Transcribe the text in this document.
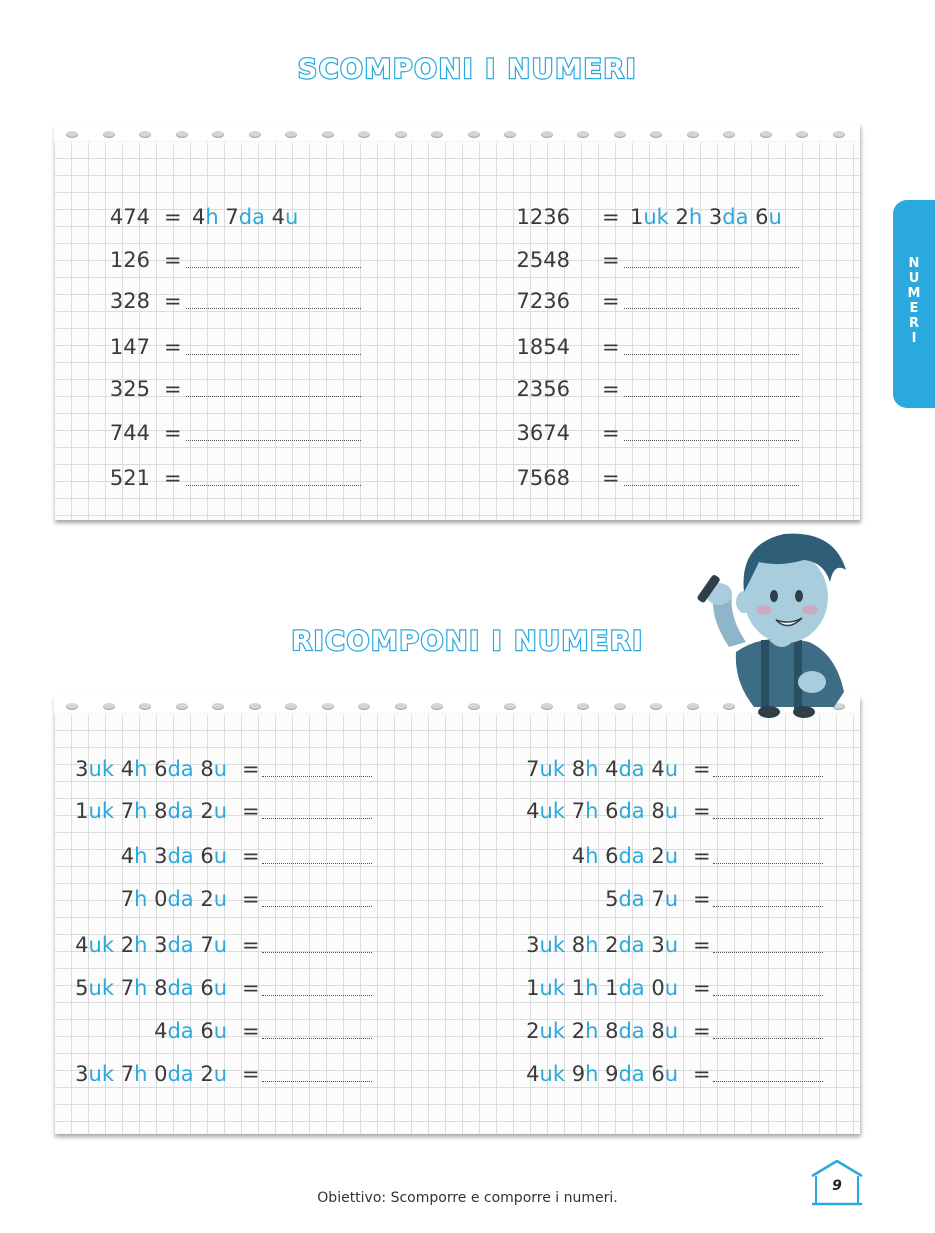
SCOMPONI I NUMERI
474 = 4h 7da 4u
126 =
328 =
147 =
325 =
744 =
521 =
1236 = 1uk 2h 3da 6u
2548 =
7236 =
1854 =
2356 =
3674 =
7568 =
RICOMPONI I NUMERI
3uk 4h 6da 8u =
1uk 7h 8da 2u =
4h 3da 6u =
7h 0da 2u =
4uk 2h 3da 7u =
5uk 7h 8da 6u =
4da 6u =
3uk 7h 0da 2u =
7uk 8h 4da 4u =
4uk 7h 6da 8u =
4h 6da 2u =
5da 7u =
3uk 8h 2da 3u =
1uk 1h 1da 0u =
2uk 2h 8da 8u =
4uk 9h 9da 6u =
N
U
M
E
R
I
Obiettivo: Scomporre e comporre i numeri.
9
